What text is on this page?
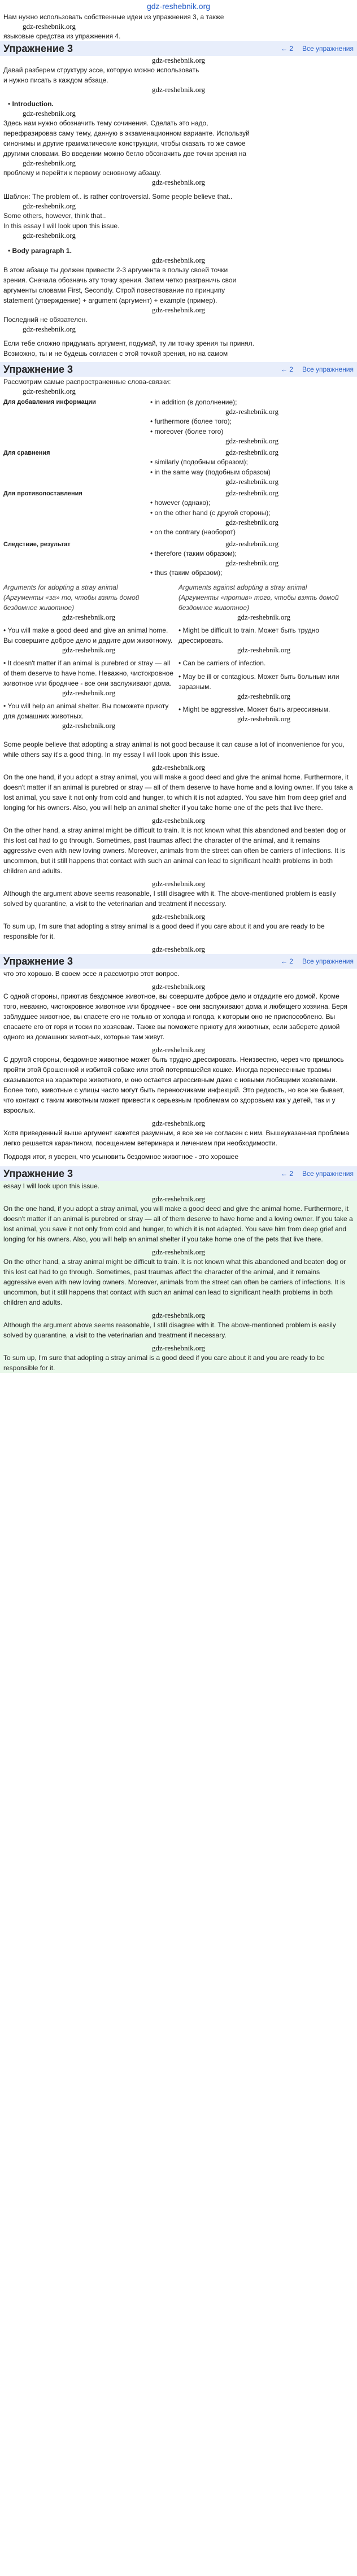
gdz-reshebnik.org

Нам нужно использовать собственные идеи из упражнения 3, а также

gdz-reshebnik.org

языковые средства из упражнения 4.

Упражнение 3	← 2 Все упражнения
gdz-reshebnik.org

Давай разберем структуру эссе, которую можно использовать

и нужно писать в каждом абзаце.

gdz-reshebnik.org

• Introduction.

gdz-reshebnik.org

Здесь нам нужно обозначить тему сочинения. Сделать это надо,

перефразировав саму тему, данную в экзаменационном варианте. Используй

синонимы и другие грамматические конструкции, чтобы сказать то же самое

другими словами. Во введении можно бегло обозначить две точки зрения на

gdz-reshebnik.org

проблему и перейти к первому основному абзацу.

gdz-reshebnik.org

Шаблон: The problem of.. is rather controversial. Some people believe that..

gdz-reshebnik.org

Some others, however, think that..

In this essay I will look upon this issue.

gdz-reshebnik.org

• Body paragraph 1.

gdz-reshebnik.org

В этом абзаце ты должен привести 2-3 аргумента в пользу своей точки

зрения. Сначала обозначь эту точку зрения. Затем четко разграничь свои

аргументы словами First, Secondly. Строй повествование по принципу

statement (утверждение) + argument (аргумент) + example (пример).

gdz-reshebnik.org

Последний не обязателен.

gdz-reshebnik.org

Если тебе сложно придумать аргумент, подумай, ту ли точку зрения ты принял.

Возможно, ты и не будешь согласен с этой точкой зрения, но на самом

Упражнение 3	← 2 Все упражнения

Рассмотрим самые распространенные слова-связки:

gdz-reshebnik.org
Для добавления информации	• in addition (в дополнение);
gdz-reshebnik.org
• furthermore (более того);
• moreover (более того)
gdz-reshebnik.org

Для сравнения	gdz-reshebnik.org
• similarly (подобным образом);
• in the same way (подобным образом)
gdz-reshebnik.org

Для противопоставления	gdz-reshebnik.org
• however (однако);
• on the other hand (с другой стороны);
gdz-reshebnik.org
• on the contrary (наоборот)

Следствие, результат	gdz-reshebnik.org
• therefore (таким образом);
gdz-reshebnik.org
• thus (таким образом);
Arguments for adopting a stray animal
(Аргументы «за» то, чтобы взять домой бездомное животное)
gdz-reshebnik.org
• You will make a good deed and give an animal home. Вы совершите доброе дело и дадите дом животному.
gdz-reshebnik.org
• It doesn't matter if an animal is purebred or stray — all of them deserve to have home. Неважно, чистокровное животное или бродячее - все они заслуживают дома.
gdz-reshebnik.org
• You will help an animal shelter. Вы поможете приюту для домашних животных.
gdz-reshebnik.org
Arguments against adopting a stray animal
(Аргументы «против» того, чтобы взять домой бездомное животное)
gdz-reshebnik.org
• Might be difficult to train. Может быть трудно дрессировать.
gdz-reshebnik.org
• Can be carriers of infection.
• May be ill or contagious. Может быть больным или заразным.
gdz-reshebnik.org
• Might be aggressive. Может быть агрессивным.
gdz-reshebnik.org

Some people believe that adopting a stray animal is not good because it can cause a lot of inconvenience for you, while others say it's a good thing. In my essay I will look upon this issue.

gdz-reshebnik.org

On the one hand, if you adopt a stray animal, you will make a good deed and give the animal home. Furthermore, it doesn't matter if an animal is purebred or stray — all of them deserve to have home and a loving owner. If you take a lost animal, you save it not only from cold and hunger, to which it is not adapted. You save him from deep grief and longing for his owners. Also, you will help an animal shelter if you take home one of the pets that live there.

gdz-reshebnik.org

On the other hand, a stray animal might be difficult to train. It is not known what this abandoned and beaten dog or this lost cat had to go through. Sometimes, past traumas affect the character of the animal, and it remains aggressive even with new loving owners. Moreover, animals from the street can often be carriers of infections. It is uncommon, but it still happens that contact with such an animal can lead to significant health problems in both children and adults.

gdz-reshebnik.org

Although the argument above seems reasonable, I still disagree with it. The above-mentioned problem is easily solved by quarantine, a visit to the veterinarian and treatment if necessary.

gdz-reshebnik.org

To sum up, I'm sure that adopting a stray animal is a good deed if you care about it and you are ready to be responsible for it.

gdz-reshebnik.org
Упражнение 3	← 2 Все упражнения

что это хорошо. В своем эссе я рассмотрю этот вопрос.

gdz-reshebnik.org

С одной стороны, приютив бездомное животное, вы совершите доброе дело и отдадите его домой. Кроме того, неважно, чистокровное животное или бродячее - все они заслуживают дома и любящего хозяина. Беря заблудшее животное, вы спасете его не только от холода и голода, к которым оно не приспособлено. Вы спасаете его от горя и тоски по хозяевам. Также вы поможете приюту для животных, если заберете домой одного из домашних животных, которые там живут.

gdz-reshebnik.org

С другой стороны, бездомное животное может быть трудно дрессировать. Неизвестно, через что пришлось пройти этой брошенной и избитой собаке или этой потерявшейся кошке. Иногда перенесенные травмы сказываются на характере животного, и оно остается агрессивным даже с новыми любящими хозяевами. Более того, животные с улицы часто могут быть переносчиками инфекций. Это редкость, но все же бывает, что контакт с таким животным может привести к серьезным проблемам со здоровьем как у детей, так и у взрослых.

gdz-reshebnik.org

Хотя приведенный выше аргумент кажется разумным, я все же не согласен с ним. Вышеуказанная проблема легко решается карантином, посещением ветеринара и лечением при необходимости.

Подводя итог, я уверен, что усыновить бездомное животное - это хорошее

Упражнение 3	← 2 Все упражнения

essay I will look upon this issue.

gdz-reshebnik.org

On the one hand, if you adopt a stray animal, you will make a good deed and give the animal home. Furthermore, it doesn't matter if an animal is purebred or stray — all of them deserve to have home and a loving owner. If you take a lost animal, you save it not only from cold and hunger, to which it is not adapted. You save him from deep grief and longing for his owners. Also, you will help an animal shelter if you take home one of the pets that live there.

gdz-reshebnik.org

On the other hand, a stray animal might be difficult to train. It is not known what this abandoned and beaten dog or this lost cat had to go through. Sometimes, past traumas affect the character of the animal, and it remains aggressive even with new loving owners. Moreover, animals from the street can often be carriers of infections. It is uncommon, but it still happens that contact with such an animal can lead to significant health problems in both children and adults.

gdz-reshebnik.org

Although the argument above seems reasonable, I still disagree with it. The above-mentioned problem is easily solved by quarantine, a visit to the veterinarian and treatment if necessary.

gdz-reshebnik.org

To sum up, I'm sure that adopting a stray animal is a good deed if you care about it and you are ready to be responsible for it.
